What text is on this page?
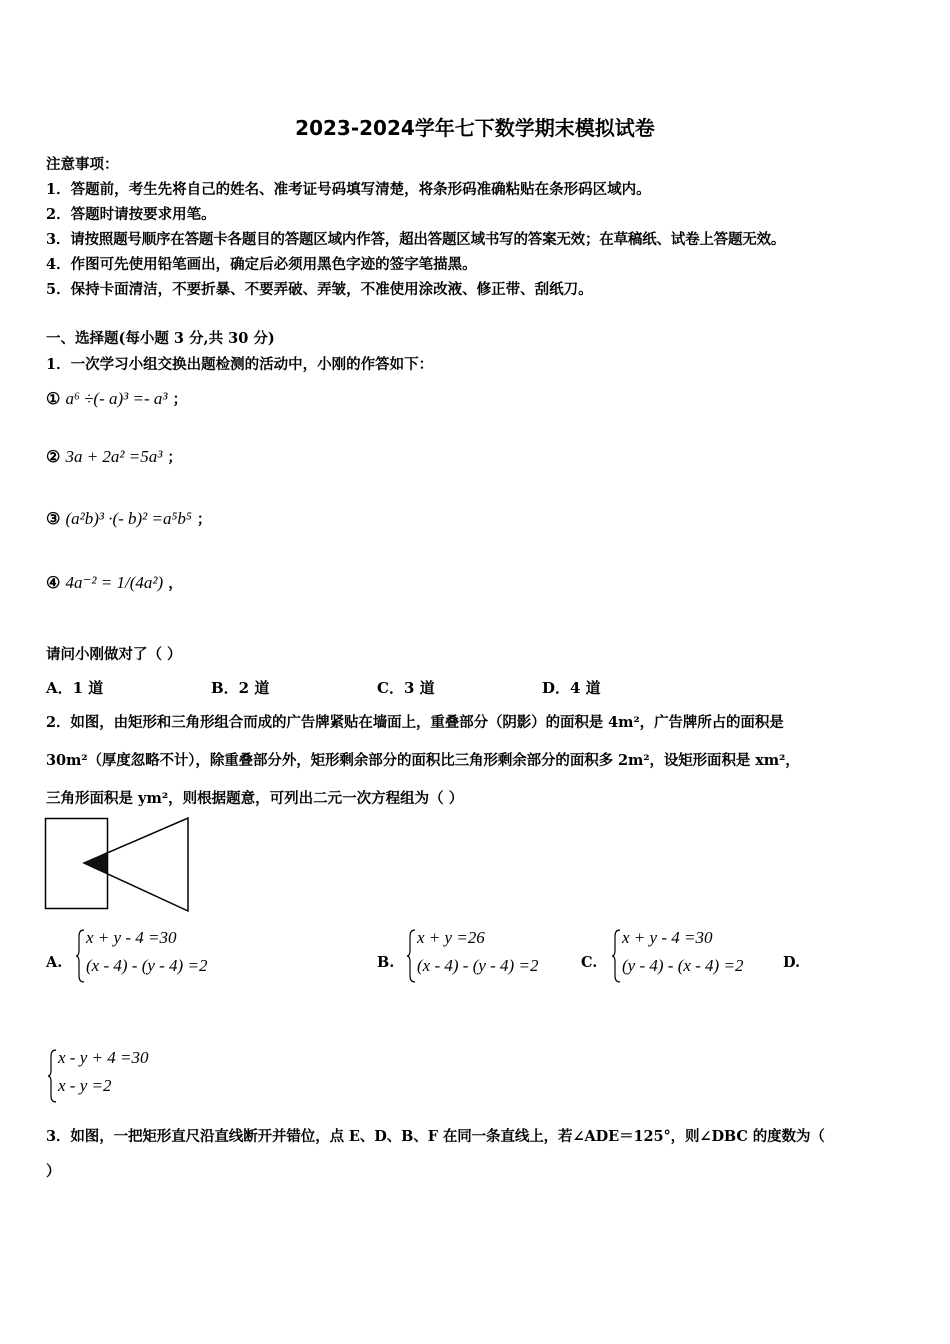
2023-2024学年七下数学期末模拟试卷
注意事项：
1．答题前，考生先将自己的姓名、准考证号码填写清楚，将条形码准确粘贴在条形码区域内。
2．答题时请按要求用笔。
3．请按照题号顺序在答题卡各题目的答题区域内作答，超出答题区域书写的答案无效；在草稿纸、试卷上答题无效。
4．作图可先使用铅笔画出，确定后必须用黑色字迹的签字笔描黑。
5．保持卡面清洁，不要折暴、不要弄破、弄皱，不准使用涂改液、修正带、刮纸刀。
一、选择题(每小题 3 分,共 30 分)
1．一次学习小组交换出题检测的活动中，小刚的作答如下：
① a⁶ ÷(- a)³ =- a³ ；
② 3a + 2a² =5a³ ；
③ (a²b)³ ·(- b)² =a⁵b⁵ ；
④ 4a⁻² = 1/(4a²) ，
请问小刚做对了（ ）
A．1 道	B．2 道	C．3 道	D．4 道
2．如图，由矩形和三角形组合而成的广告牌紧贴在墙面上，重叠部分（阴影）的面积是 4m²，广告牌所占的面积是
30m²（厚度忽略不计），除重叠部分外，矩形剩余部分的面积比三角形剩余部分的面积多 2m²，设矩形面积是 xm²，
三角形面积是 ym²，则根据题意，可列出二元一次方程组为（ ）
A.
x + y - 4 =30
(x - 4) - (y - 4) =2	B.
x + y =26
(x - 4) - (y - 4) =2	C.
x + y - 4 =30
(y - 4) - (x - 4) =2	D.
x - y + 4 =30
x - y =2
3．如图，一把矩形直尺沿直线断开并错位，点 E、D、B、F 在同一条直线上，若∠ADE＝125°，则∠DBC 的度数为（
）
